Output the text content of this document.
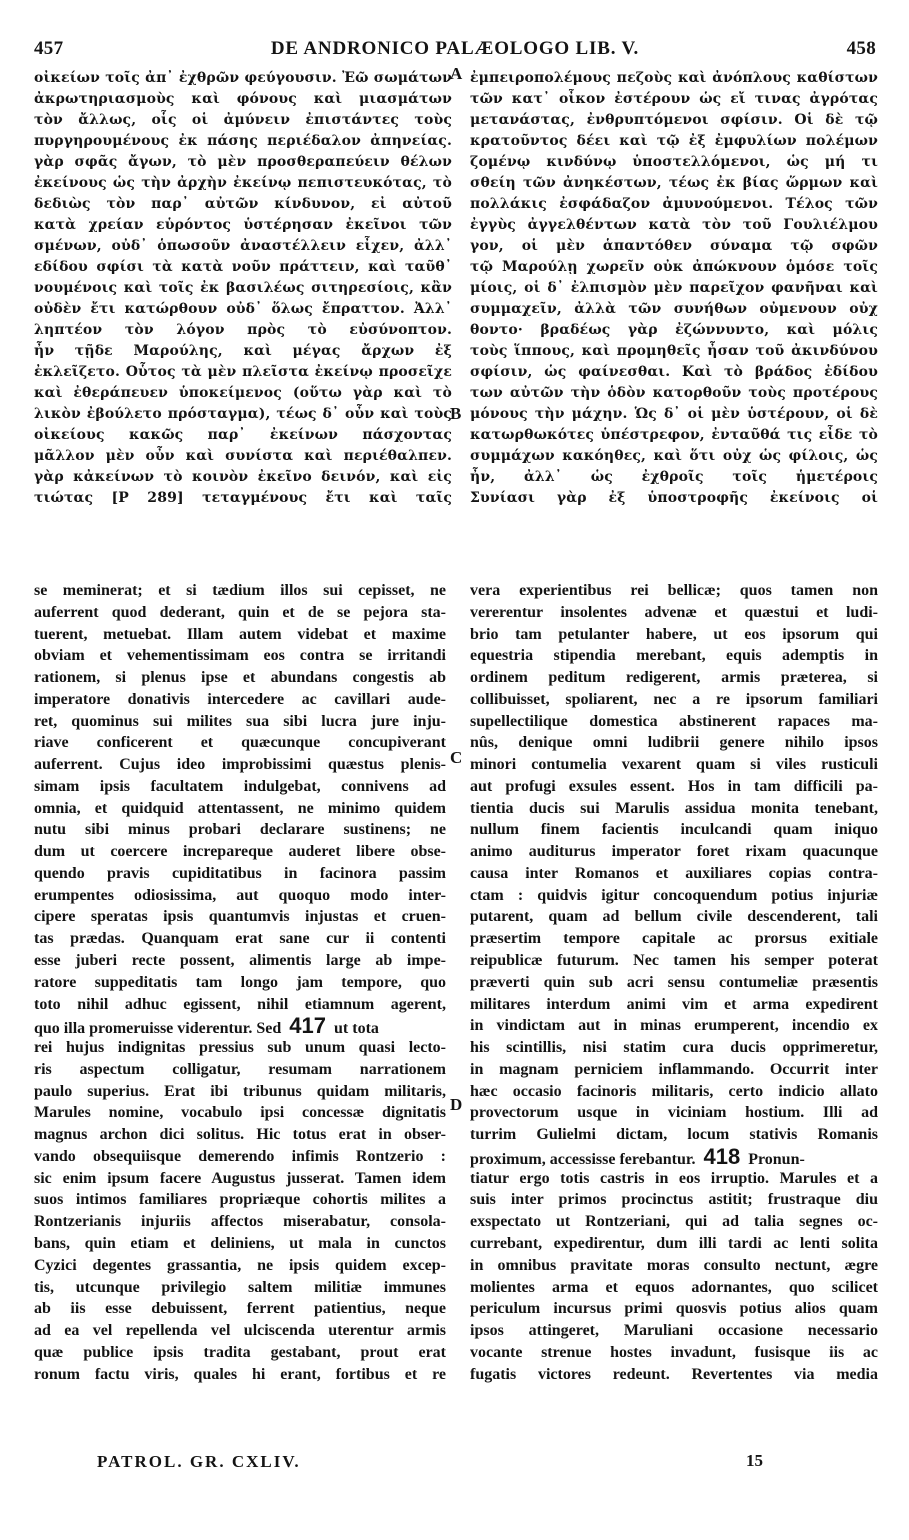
457	DE ANDRONICO PALÆOLOGO LIB. V.	458
A
B
C
D
οἰκείων τοῖς ἀπ᾽ ἐχθρῶν φεύγουσιν. Ἐῶ σωμάτων
ἀκρωτηριασμοὺς καὶ φόνους καὶ μιασμάτων
τὸν ἄλλως, οἷς οἱ ἀμύνειν ἐπιστάντες τοὺς
πυργηρουμένους ἐκ πάσης περιέδαλον ἀπηνείας.
γὰρ σφᾶς ἄγων, τὸ μὲν προσθεραπεύειν θέλων
ἐκείνους ὡς τὴν ἀρχὴν ἐκείνῳ πεπιστευκότας, τὸ
δεδιὼς τὸν παρ᾽ αὐτῶν κίνδυνον, εἰ αὐτοῦ
κατὰ χρείαν εὑρόντος ὑστέρησαν ἐκεῖνοι τῶν
σμένων, οὐδ᾽ ὁπωσοῦν ἀναστέλλειν εἶχεν, ἀλλ᾽
εδίδου σφίσι τὰ κατὰ νοῦν πράττειν, καὶ ταῦθ᾽
νουμένοις καὶ τοῖς ἐκ βασιλέως σιτηρεσίοις, κἂν
οὐδὲν ἔτι κατώρθουν οὐδ᾽ ὅλως ἔπραττον. Ἀλλ᾽
ληπτέον τὸν λόγον πρὸς τὸ εὐσύνοπτον.
ἦν τῇδε Μαρούλης, καὶ μέγας ἄρχων ἐξ
ἐκλεῖζετο. Οὗτος τὰ μὲν πλεῖστα ἐκείνῳ προσεῖχε
καὶ ἐθεράπευεν ὑποκείμενος (οὕτω γὰρ καὶ τὸ
λικὸν ἐβούλετο πρόσταγμα), τέως δ᾽ οὖν καὶ τοὺς
οἰκείους κακῶς παρ᾽ ἐκείνων πάσχοντας
μᾶλλον μὲν οὖν καὶ συνίστα καὶ περιέθαλπεν.
γὰρ κἀκείνων τὸ κοινὸν ἐκεῖνο δεινόν, καὶ εἰς
τιώτας [P 289] τεταγμένους ἔτι καὶ ταῖς
ἐμπειροπολέμους πεζοὺς καὶ ἀνόπλους καθίστων
τῶν κατ᾽ οἶκον ἐστέρουν ὡς εἴ τινας ἀγρότας
μετανάστας, ἐνθρυπτόμενοι σφίσιν. Οἱ δὲ τῷ
κρατοῦντος δέει καὶ τῷ ἐξ ἐμφυλίων πολέμων
ζομένῳ κινδύνῳ ὑποστελλόμενοι, ὡς μή τι
σθείη τῶν ἀνηκέστων, τέως ἐκ βίας ὥρμων καὶ
πολλάκις ἐσφάδαζον ἀμυνούμενοι. Τέλος τῶν
ἐγγὺς ἀγγελθέντων κατὰ τὸν τοῦ Γουλιέλμου
γον, οἱ μὲν ἁπαντόθεν σύναμα τῷ σφῶν
τῷ Μαρούλῃ χωρεῖν οὐκ ἀπώκνουν ὁμόσε τοῖς
μίοις, οἱ δ᾽ ἐλπισμὸν μὲν παρεῖχον φανῆναι καὶ
συμμαχεῖν, ἀλλὰ τῶν συνήθων οὐμενουν οὐχ
θοντο· βραδέως γὰρ ἐζώννυντο, καὶ μόλις
τοὺς ἵππους, καὶ προμηθεῖς ἦσαν τοῦ ἀκινδύνου
σφίσιν, ὡς φαίνεσθαι. Καὶ τὸ βράδος ἐδίδου
των αὐτῶν τὴν ὁδὸν κατορθοῦν τοὺς προτέρους
μόνους τὴν μάχην. Ὡς δ᾽ οἱ μὲν ὑστέρουν, οἱ δὲ
κατωρθωκότες ὑπέστρεφον, ἐνταῦθά τις εἶδε τὸ
συμμάχων κακόηθες, καὶ ὅτι οὐχ ὡς φίλοις, ὡς
ἦν, ἀλλ᾽ ὡς ἐχθροῖς τοῖς ἡμετέροις
Συνίασι γὰρ ἐξ ὑποστροφῆς ἐκείνοις οἱ
se meminerat; et si tædium illos sui cepisset, ne
auferrent quod dederant, quin et de se pejora sta-
tuerent, metuebat. Illam autem videbat et maxime
obviam et vehementissimam eos contra se irritandi
rationem, si plenus ipse et abundans congestis ab
imperatore donativis intercedere ac cavillari aude-
ret, quominus sui milites sua sibi lucra jure inju-
riave conficerent et quæcunque concupiverant
auferrent. Cujus ideo improbissimi quæstus plenis-
simam ipsis facultatem indulgebat, connivens ad
omnia, et quidquid attentassent, ne minimo quidem
nutu sibi minus probari declarare sustinens; ne
dum ut coercere increpareque auderet libere obse-
quendo pravis cupiditatibus in facinora passim
erumpentes odiosissima, aut quoquo modo inter-
cipere speratas ipsis quantumvis injustas et cruen-
tas prædas. Quanquam erat sane cur ii contenti
esse juberi recte possent, alimentis large ab impe-
ratore suppeditatis tam longo jam tempore, quo
toto nihil adhuc egissent, nihil etiamnum agerent,
quo illa promeruisse viderentur. Sed 417 ut tota
rei hujus indignitas pressius sub unum quasi lecto-
ris aspectum colligatur, resumam narrationem
paulo superius. Erat ibi tribunus quidam militaris,
Marules nomine, vocabulo ipsi concessæ dignitatis
magnus archon dici solitus. Hic totus erat in obser-
vando obsequiisque demerendo infimis Rontzerio :
sic enim ipsum facere Augustus jusserat. Tamen idem
suos intimos familiares propriæque cohortis milites a
Rontzerianis injuriis affectos miserabatur, consola-
bans, quin etiam et deliniens, ut mala in cunctos
Cyzici degentes grassantia, ne ipsis quidem excep-
tis, utcunque privilegio saltem militiæ immunes
ab iis esse debuissent, ferrent patientius, neque
ad ea vel repellenda vel ulciscenda uterentur armis
quæ publice ipsis tradita gestabant, prout erat
ronum factu viris, quales hi erant, fortibus et re
vera experientibus rei bellicæ; quos tamen non
vererentur insolentes advenæ et quæstui et ludi-
brio tam petulanter habere, ut eos ipsorum qui
equestria stipendia merebant, equis ademptis in
ordinem peditum redigerent, armis præterea, si
collibuisset, spoliarent, nec a re ipsorum familiari
supellectilique domestica abstinerent rapaces ma-
nûs, denique omni ludibrii genere nihilo ipsos
minori contumelia vexarent quam si viles rusticuli
aut profugi exsules essent. Hos in tam difficili pa-
tientia ducis sui Marulis assidua monita tenebant,
nullum finem facientis inculcandi quam iniquo
animo auditurus imperator foret rixam quacunque
causa inter Romanos et auxiliares copias contra-
ctam : quidvis igitur concoquendum potius injuriæ
putarent, quam ad bellum civile descenderent, tali
præsertim tempore capitale ac prorsus exitiale
reipublicæ futurum. Nec tamen his semper poterat
præverti quin sub acri sensu contumeliæ præsentis
militares interdum animi vim et arma expedirent
in vindictam aut in minas erumperent, incendio ex
his scintillis, nisi statim cura ducis opprimeretur,
in magnam perniciem inflammando. Occurrit inter
hæc occasio facinoris militaris, certo indicio allato
provectorum usque in viciniam hostium. Illi ad
turrim Gulielmi dictam, locum stativis Romanis
proximum, accessisse ferebantur. 418 Pronun-
tiatur ergo totis castris in eos irruptio. Marules et a
suis inter primos procinctus astitit; frustraque diu
exspectato ut Rontzeriani, qui ad talia segnes oc-
currebant, expedirentur, dum illi tardi ac lenti solita
in omnibus pravitate moras consulto nectunt, ægre
molientes arma et equos adornantes, quo scilicet
periculum incursus primi quosvis potius alios quam
ipsos attingeret, Maruliani occasione necessario
vocante strenue hostes invadunt, fusisque iis ac
fugatis victores redeunt. Revertentes via media
PATROL. GR. CXLIV.	15
